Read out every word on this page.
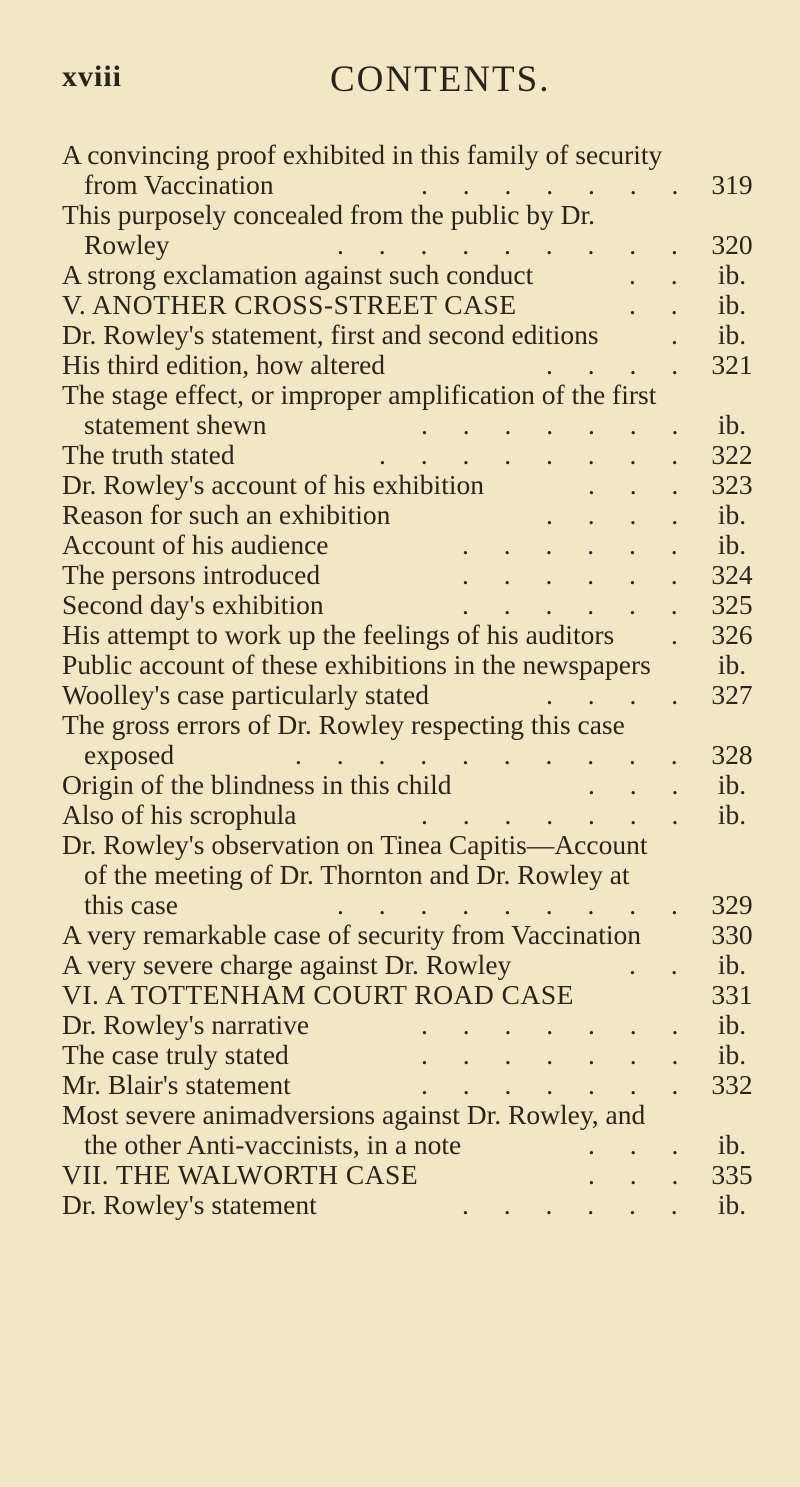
xviii	CONTENTS.
A convincing proof exhibited in this family of security
from Vaccination	319
. . . . . . .
This purposely concealed from the public by Dr.
Rowley	320
. . . . . . . . .
A strong exclamation against such conduct	ib.
. .
V. ANOTHER CROSS-STREET CASE	ib.
. .
Dr. Rowley's statement, first and second editions	ib.
.
His third edition, how altered	321
. . . .
The stage effect, or improper amplification of the first
statement shewn	ib.
. . . . . . .
The truth stated	322
. . . . . . . .
Dr. Rowley's account of his exhibition	323
. . .
Reason for such an exhibition	ib.
. . . .
Account of his audience	ib.
. . . . . .
The persons introduced	324
. . . . . .
Second day's exhibition	325
. . . . . .
His attempt to work up the feelings of his auditors	326
.
Public account of these exhibitions in the newspapers	ib.
Woolley's case particularly stated	327
. . . .
The gross errors of Dr. Rowley respecting this case
exposed	328
. . . . . . . . . .
Origin of the blindness in this child	ib.
. . .
Also of his scrophula	ib.
. . . . . . .
Dr. Rowley's observation on Tinea Capitis—Account
of the meeting of Dr. Thornton and Dr. Rowley at
this case	329
. . . . . . . . .
A very remarkable case of security from Vaccination	330
A very severe charge against Dr. Rowley	ib.
. .
VI. A TOTTENHAM COURT ROAD CASE	331
Dr. Rowley's narrative	ib.
. . . . . . .
The case truly stated	ib.
. . . . . . .
Mr. Blair's statement	332
. . . . . . .
Most severe animadversions against Dr. Rowley, and
the other Anti-vaccinists, in a note	ib.
. . .
VII. THE WALWORTH CASE	335
. . .
Dr. Rowley's statement	ib.
. . . . . .
